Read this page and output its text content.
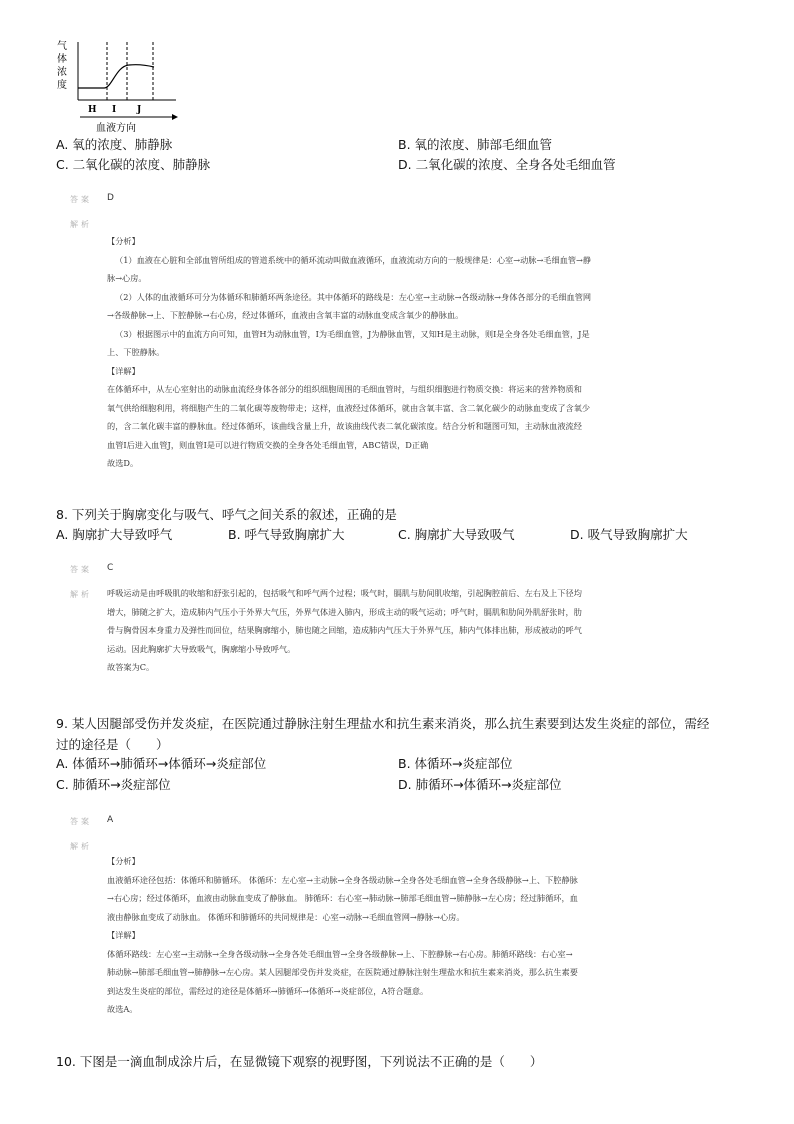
气
体
浓
度
H I J
血液方向
A. 氧的浓度、肺静脉	B. 氧的浓度、肺部毛细血管
C. 二氧化碳的浓度、肺静脉	D. 二氧化碳的浓度、全身各处毛细血管
答案 D
解析

【分析】

（1）血液在心脏和全部血管所组成的管道系统中的循环流动叫做血液循环，血液流动方向的一般规律是：心室→动脉→毛细血管→静

脉→心房。

（2）人体的血液循环可分为体循环和肺循环两条途径。其中体循环的路线是：左心室→主动脉→各级动脉→身体各部分的毛细血管网

→各级静脉→上、下腔静脉→右心房，经过体循环，血液由含氧丰富的动脉血变成含氧少的静脉血。

（3）根据图示中的血流方向可知，血管H为动脉血管，I为毛细血管，J为静脉血管，又知H是主动脉，则I是全身各处毛细血管，J是

上、下腔静脉。

【详解】

在体循环中，从左心室射出的动脉血流经身体各部分的组织细胞周围的毛细血管时，与组织细胞进行物质交换：将运来的营养物质和

氧气供给细胞利用，将细胞产生的二氧化碳等废物带走；这样，血液经过体循环，就由含氧丰富、含二氧化碳少的动脉血变成了含氧少

的，含二氧化碳丰富的静脉血。经过体循环，该曲线含量上升，故该曲线代表二氧化碳浓度。结合分析和题图可知，主动脉血液流经

血管I后进入血管J，则血管I是可以进行物质交换的全身各处毛细血管，ABC错误，D正确

故选D。

8. 下列关于胸廓变化与吸气、呼气之间关系的叙述，正确的是
A. 胸廓扩大导致呼气	B. 呼气导致胸廓扩大	C. 胸廓扩大导致吸气	D. 吸气导致胸廓扩大
答案 C
解析 呼吸运动是由呼吸肌的收缩和舒张引起的，包括吸气和呼气两个过程；吸气时，膈肌与肋间肌收缩，引起胸腔前后、左右及上下径均

增大，肺随之扩大，造成肺内气压小于外界大气压，外界气体进入肺内，形成主动的吸气运动；呼气时，膈肌和肋间外肌舒张时，肋

骨与胸骨因本身重力及弹性而回位，结果胸廓缩小，肺也随之回缩，造成肺内气压大于外界气压，肺内气体排出肺，形成被动的呼气

运动。因此胸廓扩大导致吸气，胸廓缩小导致呼气。

故答案为C。

9. 某人因腿部受伤并发炎症，在医院通过静脉注射生理盐水和抗生素来消炎，那么抗生素要到达发生炎症的部位，需经
过的途径是（　　）
A. 体循环→肺循环→体循环→炎症部位	B. 体循环→炎症部位
C. 肺循环→炎症部位	D. 肺循环→体循环→炎症部位
答案 A
解析

【分析】

血液循环途径包括：体循环和肺循环。 体循环：左心室→主动脉→全身各级动脉→全身各处毛细血管→全身各级静脉→上、下腔静脉

→右心房；经过体循环，血液由动脉血变成了静脉血。 肺循环：右心室→肺动脉→肺部毛细血管→肺静脉→左心房；经过肺循环，血

液由静脉血变成了动脉血。 体循环和肺循环的共同规律是：心室→动脉→毛细血管网→静脉→心房。

【详解】

体循环路线：左心室→主动脉→全身各级动脉→全身各处毛细血管→全身各级静脉→上、下腔静脉→右心房。肺循环路线：右心室→

肺动脉→肺部毛细血管→肺静脉→左心房。某人因腿部受伤并发炎症，在医院通过静脉注射生理盐水和抗生素来消炎，那么抗生素要

到达发生炎症的部位，需经过的途径是体循环→肺循环→体循环→炎症部位，A符合题意。

故选A。

10. 下图是一滴血制成涂片后，在显微镜下观察的视野图，下列说法不正确的是（　　）
